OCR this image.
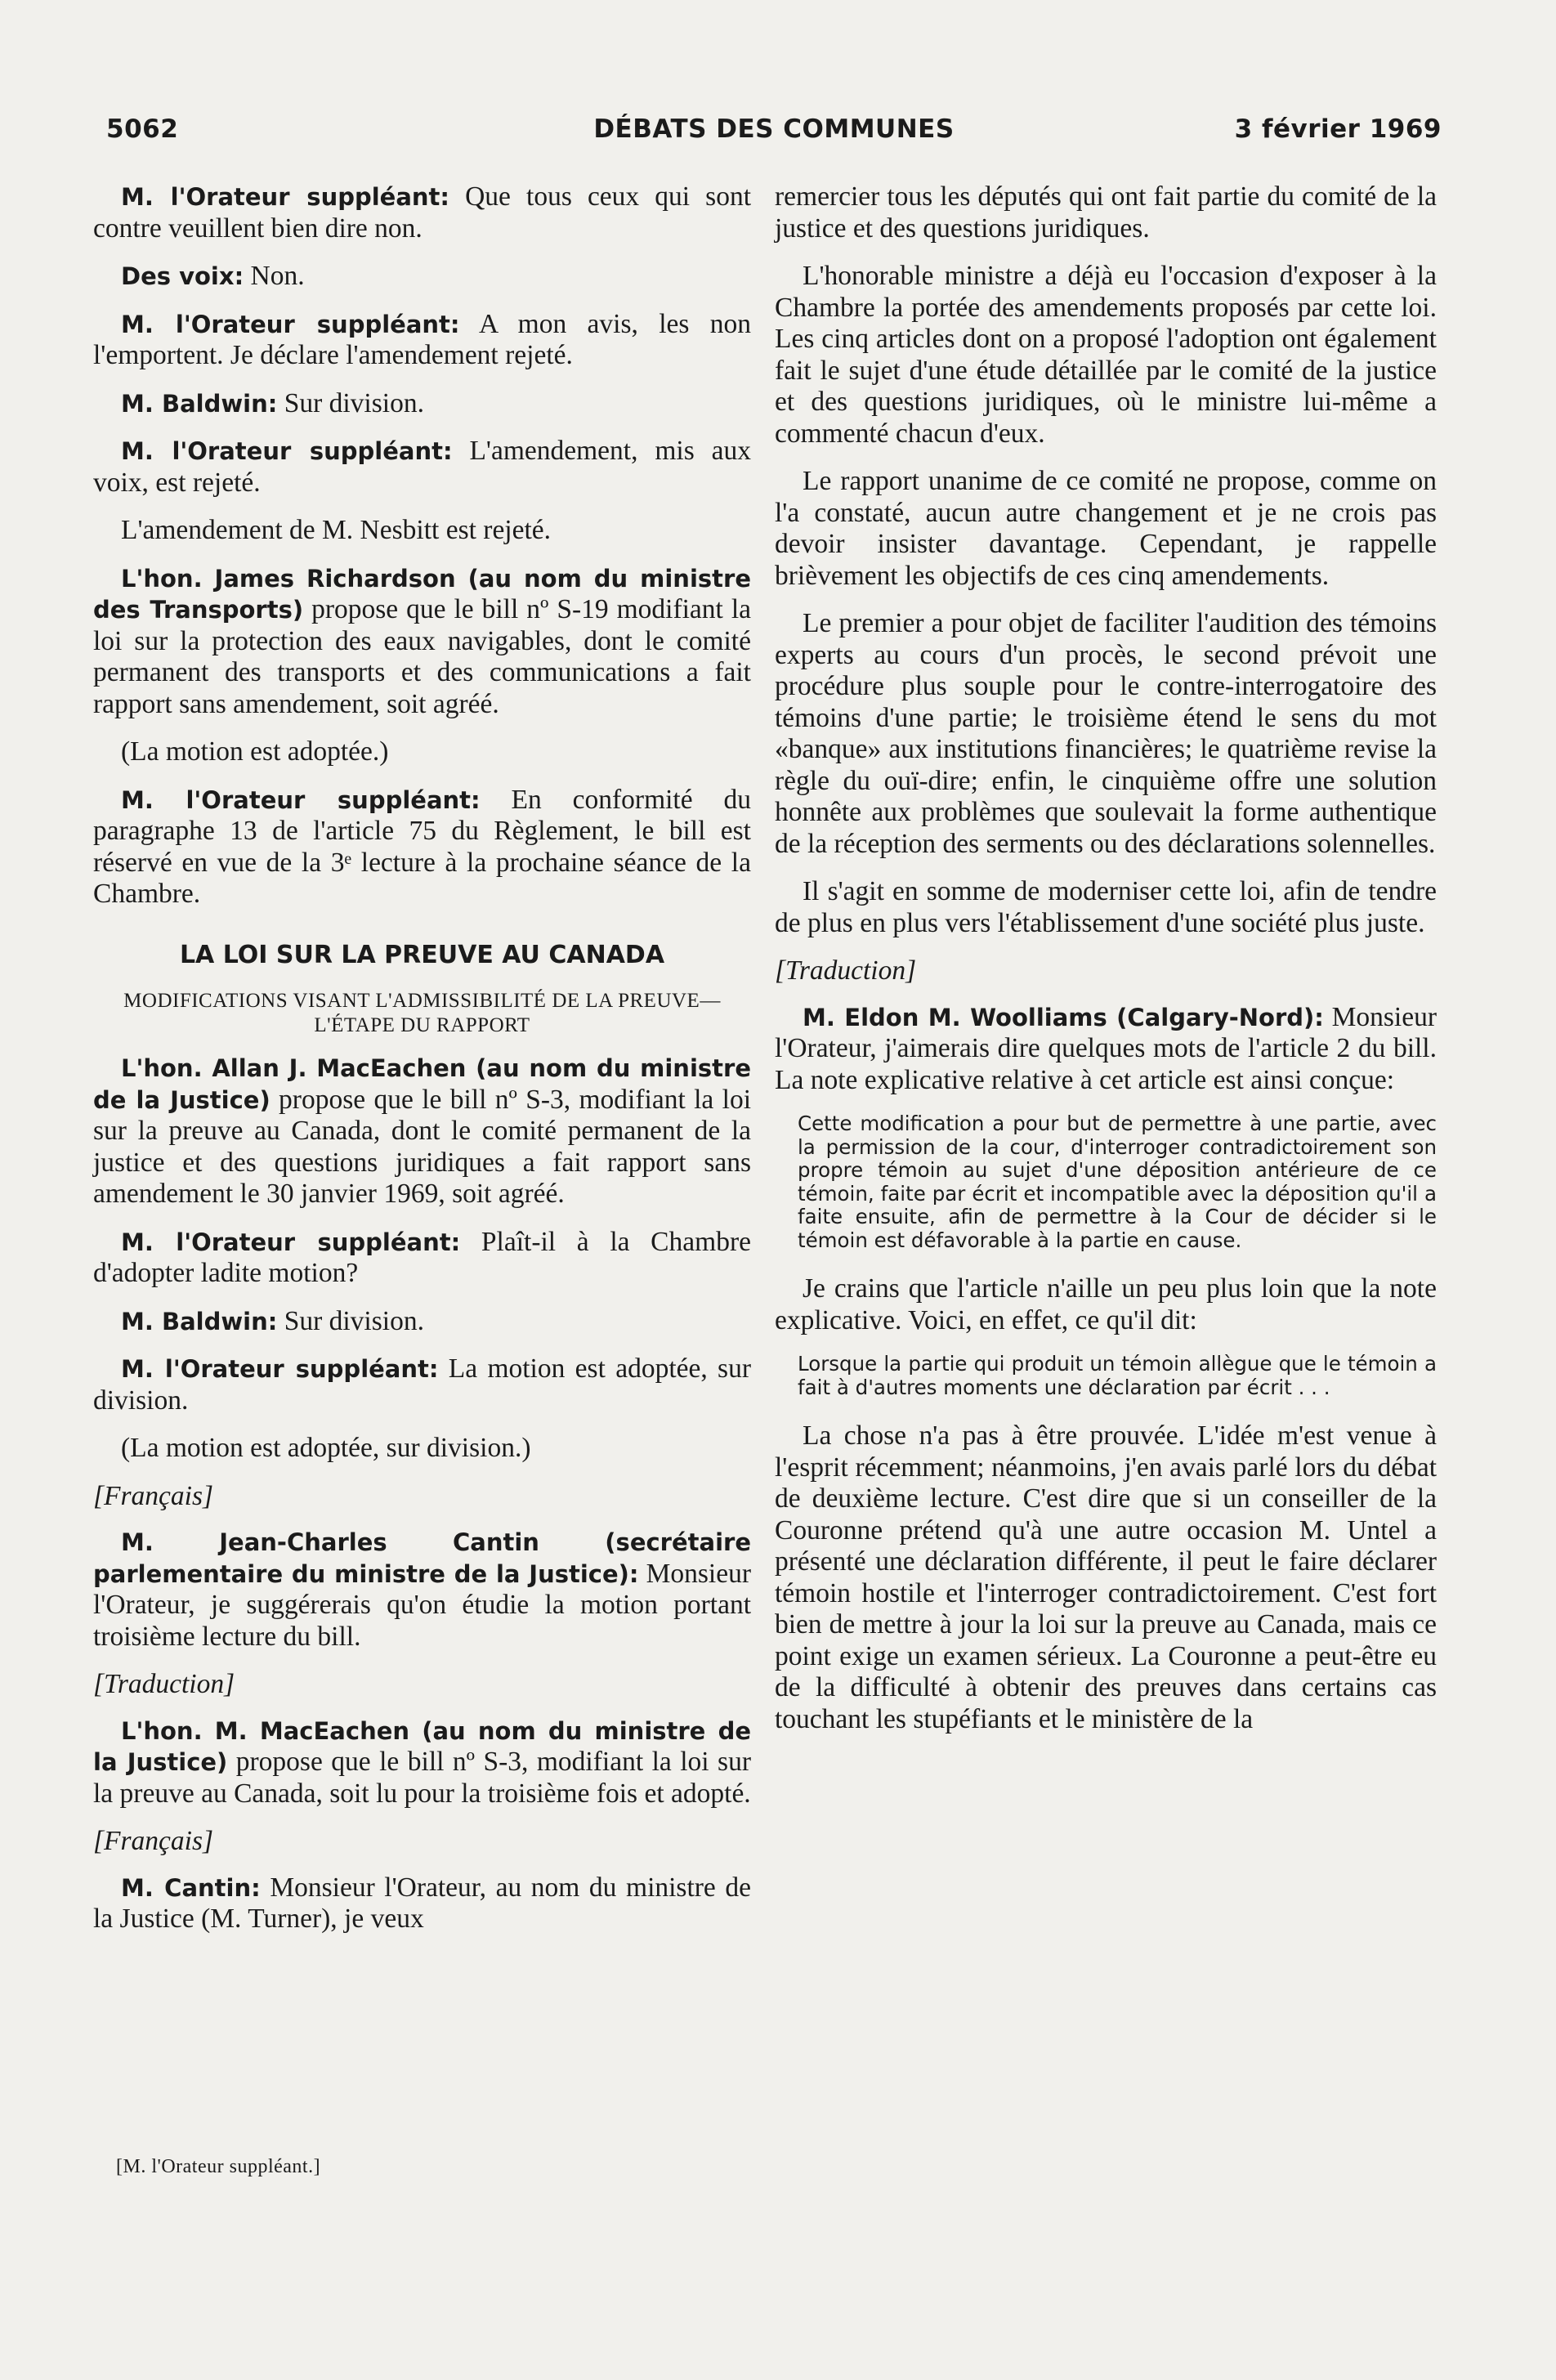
5062	DÉBATS DES COMMUNES	3 février 1969

M. l'Orateur suppléant: Que tous ceux qui sont contre veuillent bien dire non.

Des voix: Non.

M. l'Orateur suppléant: A mon avis, les non l'emportent. Je déclare l'amendement rejeté.

M. Baldwin: Sur division.

M. l'Orateur suppléant: L'amendement, mis aux voix, est rejeté.

L'amendement de M. Nesbitt est rejeté.

L'hon. James Richardson (au nom du ministre des Transports) propose que le bill nº S-19 modifiant la loi sur la protection des eaux navigables, dont le comité permanent des transports et des communications a fait rapport sans amendement, soit agréé.

(La motion est adoptée.)

M. l'Orateur suppléant: En conformité du paragraphe 13 de l'article 75 du Règlement, le bill est réservé en vue de la 3ᵉ lecture à la prochaine séance de la Chambre.

LA LOI SUR LA PREUVE AU CANADA

MODIFICATIONS VISANT L'ADMISSIBILITÉ DE LA PREUVE—L'ÉTAPE DU RAPPORT

L'hon. Allan J. MacEachen (au nom du ministre de la Justice) propose que le bill nº S-3, modifiant la loi sur la preuve au Canada, dont le comité permanent de la justice et des questions juridiques a fait rapport sans amendement le 30 janvier 1969, soit agréé.

M. l'Orateur suppléant: Plaît-il à la Chambre d'adopter ladite motion?

M. Baldwin: Sur division.

M. l'Orateur suppléant: La motion est adoptée, sur division.

(La motion est adoptée, sur division.)

[Français]

M. Jean-Charles Cantin (secrétaire parlementaire du ministre de la Justice): Monsieur l'Orateur, je suggérerais qu'on étudie la motion portant troisième lecture du bill.

[Traduction]

L'hon. M. MacEachen (au nom du ministre de la Justice) propose que le bill nº S-3, modifiant la loi sur la preuve au Canada, soit lu pour la troisième fois et adopté.

[Français]

M. Cantin: Monsieur l'Orateur, au nom du ministre de la Justice (M. Turner), je veux

remercier tous les députés qui ont fait partie du comité de la justice et des questions juridiques.

L'honorable ministre a déjà eu l'occasion d'exposer à la Chambre la portée des amendements proposés par cette loi. Les cinq articles dont on a proposé l'adoption ont également fait le sujet d'une étude détaillée par le comité de la justice et des questions juridiques, où le ministre lui-même a commenté chacun d'eux.

Le rapport unanime de ce comité ne propose, comme on l'a constaté, aucun autre changement et je ne crois pas devoir insister davantage. Cependant, je rappelle brièvement les objectifs de ces cinq amendements.

Le premier a pour objet de faciliter l'audition des témoins experts au cours d'un procès, le second prévoit une procédure plus souple pour le contre-interrogatoire des témoins d'une partie; le troisième étend le sens du mot «banque» aux institutions financières; le quatrième revise la règle du ouï-dire; enfin, le cinquième offre une solution honnête aux problèmes que soulevait la forme authentique de la réception des serments ou des déclarations solennelles.

Il s'agit en somme de moderniser cette loi, afin de tendre de plus en plus vers l'établissement d'une société plus juste.

[Traduction]

M. Eldon M. Woolliams (Calgary-Nord): Monsieur l'Orateur, j'aimerais dire quelques mots de l'article 2 du bill. La note explicative relative à cet article est ainsi conçue:

Cette modification a pour but de permettre à une partie, avec la permission de la cour, d'interroger contradictoirement son propre témoin au sujet d'une déposition antérieure de ce témoin, faite par écrit et incompatible avec la déposition qu'il a faite ensuite, afin de permettre à la Cour de décider si le témoin est défavorable à la partie en cause.

Je crains que l'article n'aille un peu plus loin que la note explicative. Voici, en effet, ce qu'il dit:

Lorsque la partie qui produit un témoin allègue que le témoin a fait à d'autres moments une déclaration par écrit . . .

La chose n'a pas à être prouvée. L'idée m'est venue à l'esprit récemment; néanmoins, j'en avais parlé lors du débat de deuxième lecture. C'est dire que si un conseiller de la Couronne prétend qu'à une autre occasion M. Untel a présenté une déclaration différente, il peut le faire déclarer témoin hostile et l'interroger contradictoirement. C'est fort bien de mettre à jour la loi sur la preuve au Canada, mais ce point exige un examen sérieux. La Couronne a peut-être eu de la difficulté à obtenir des preuves dans certains cas touchant les stupéfiants et le ministère de la

[M. l'Orateur suppléant.]
